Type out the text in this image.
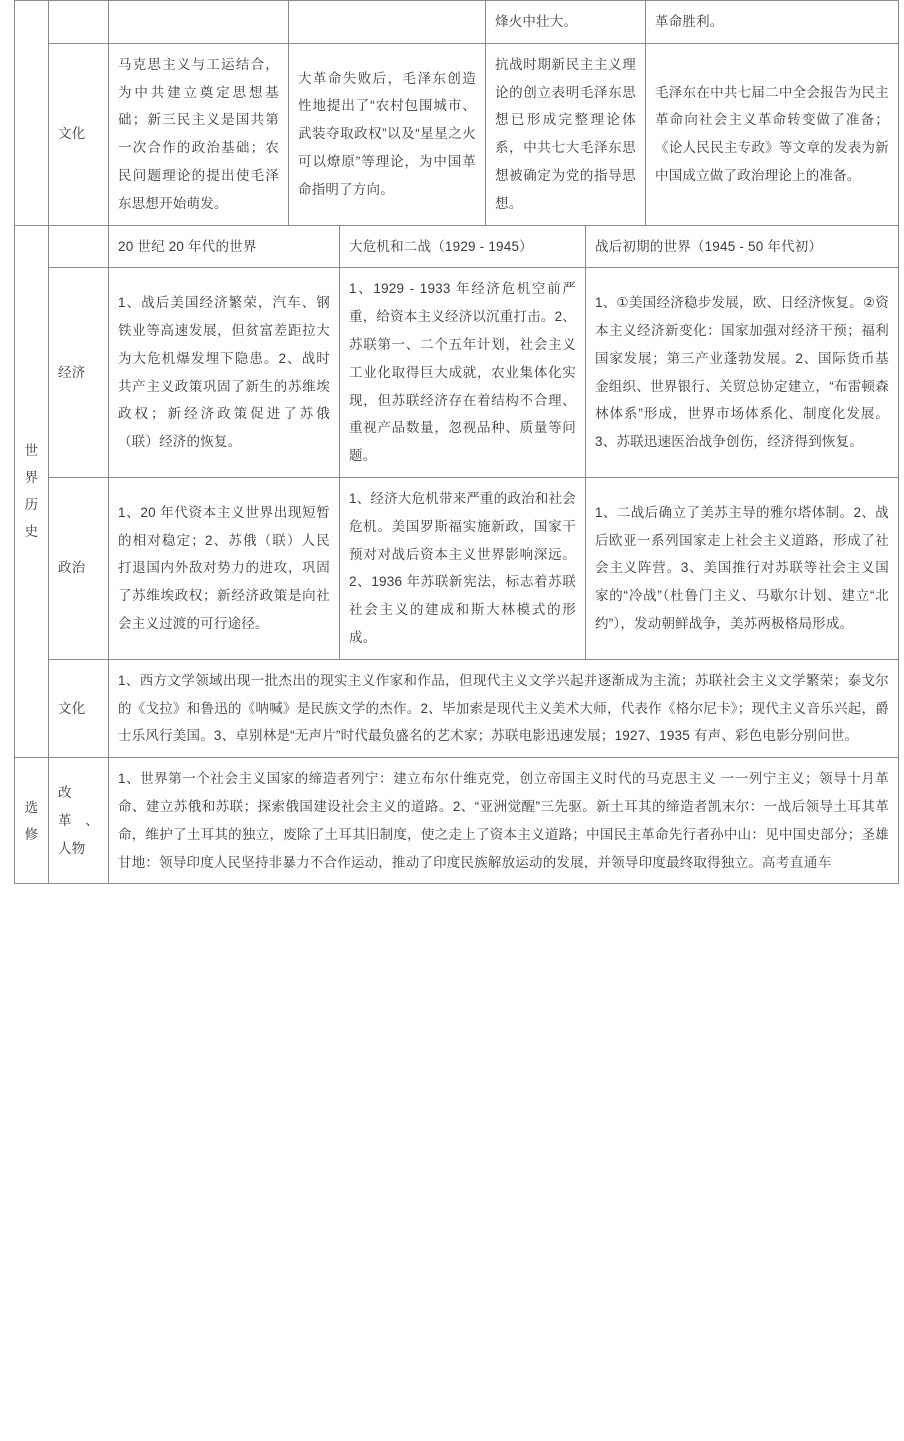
				烽火中壮大。	革命胜利。
	文化	马克思主义与工运结合，为中共建立奠定思想基础；新三民主义是国共第一次合作的政治基础；农民问题理论的提出使毛泽东思想开始萌发。	大革命失败后，毛泽东创造性地提出了“农村包围城市、武装夺取政权”以及“星星之火可以燎原”等理论，为中国革命指明了方向。	抗战时期新民主主义理论的创立表明毛泽东思想已形成完整理论体系，中共七大毛泽东思想被确定为党的指导思想。	毛泽东在中共七届二中全会报告为民主革命向社会主义革命转变做了准备；《论人民民主专政》等文章的发表为新中国成立做了政治理论上的准备。
世界历史		20 世纪 20 年代的世界	大危机和二战（1929 - 1945）	战后初期的世界（1945 - 50 年代初）
	经济	1、战后美国经济繁荣，汽车、钢铁业等高速发展，但贫富差距拉大为大危机爆发埋下隐患。2、战时共产主义政策巩固了新生的苏维埃政权；新经济政策促进了苏俄（联）经济的恢复。	1、1929 - 1933 年经济危机空前严重，给资本主义经济以沉重打击。2、苏联第一、二个五年计划，社会主义工业化取得巨大成就，农业集体化实现，但苏联经济存在着结构不合理、重视产品数量，忽视品种、质量等问题。	1、①美国经济稳步发展，欧、日经济恢复。②资本主义经济新变化：国家加强对经济干预；福利国家发展；第三产业蓬勃发展。2、国际货币基金组织、世界银行、关贸总协定建立，“布雷顿森林体系”形成，世界市场体系化、制度化发展。3、苏联迅速医治战争创伤，经济得到恢复。
	政治	1、20 年代资本主义世界出现短暂的相对稳定；2、苏俄（联）人民打退国内外敌对势力的进攻，巩固了苏维埃政权；新经济政策是向社会主义过渡的可行途径。	1、经济大危机带来严重的政治和社会危机。美国罗斯福实施新政，国家干预对对战后资本主义世界影响深远。2、1936 年苏联新宪法，标志着苏联社会主义的建成和斯大林模式的形成。	1、二战后确立了美苏主导的雅尔塔体制。2、战后欧亚一系列国家走上社会主义道路，形成了社会主义阵营。3、美国推行对苏联等社会主义国家的“冷战”（杜鲁门主义、马歇尔计划、建立“北约”），发动朝鲜战争，美苏两极格局形成。
	文化	1、西方文学领域出现一批杰出的现实主义作家和作品，但现代主义文学兴起并逐渐成为主流；苏联社会主义文学繁荣；泰戈尔的《戈拉》和鲁迅的《呐喊》是民族文学的杰作。2、毕加索是现代主义美术大师，代表作《格尔尼卡》；现代主义音乐兴起，爵士乐风行美国。3、卓别林是“无声片”时代最负盛名的艺术家；苏联电影迅速发展；1927、1935 有声、彩色电影分别问世。		

选修	改革、人物	1、世界第一个社会主义国家的缔造者列宁：建立布尔什维克党，创立帝国主义时代的马克思主义 一一列宁主义；领导十月革命、建立苏俄和苏联；探索俄国建设社会主义的道路。2、“亚洲觉醒”三先驱。新土耳其的缔造者凯末尔：一战后领导土耳其革命，维护了土耳其的独立，废除了土耳其旧制度，使之走上了资本主义道路；中国民主革命先行者孙中山：见中国史部分；圣雄甘地：领导印度人民坚持非暴力不合作运动，推动了印度民族解放运动的发展，并领导印度最终取得独立。高考直通车		
